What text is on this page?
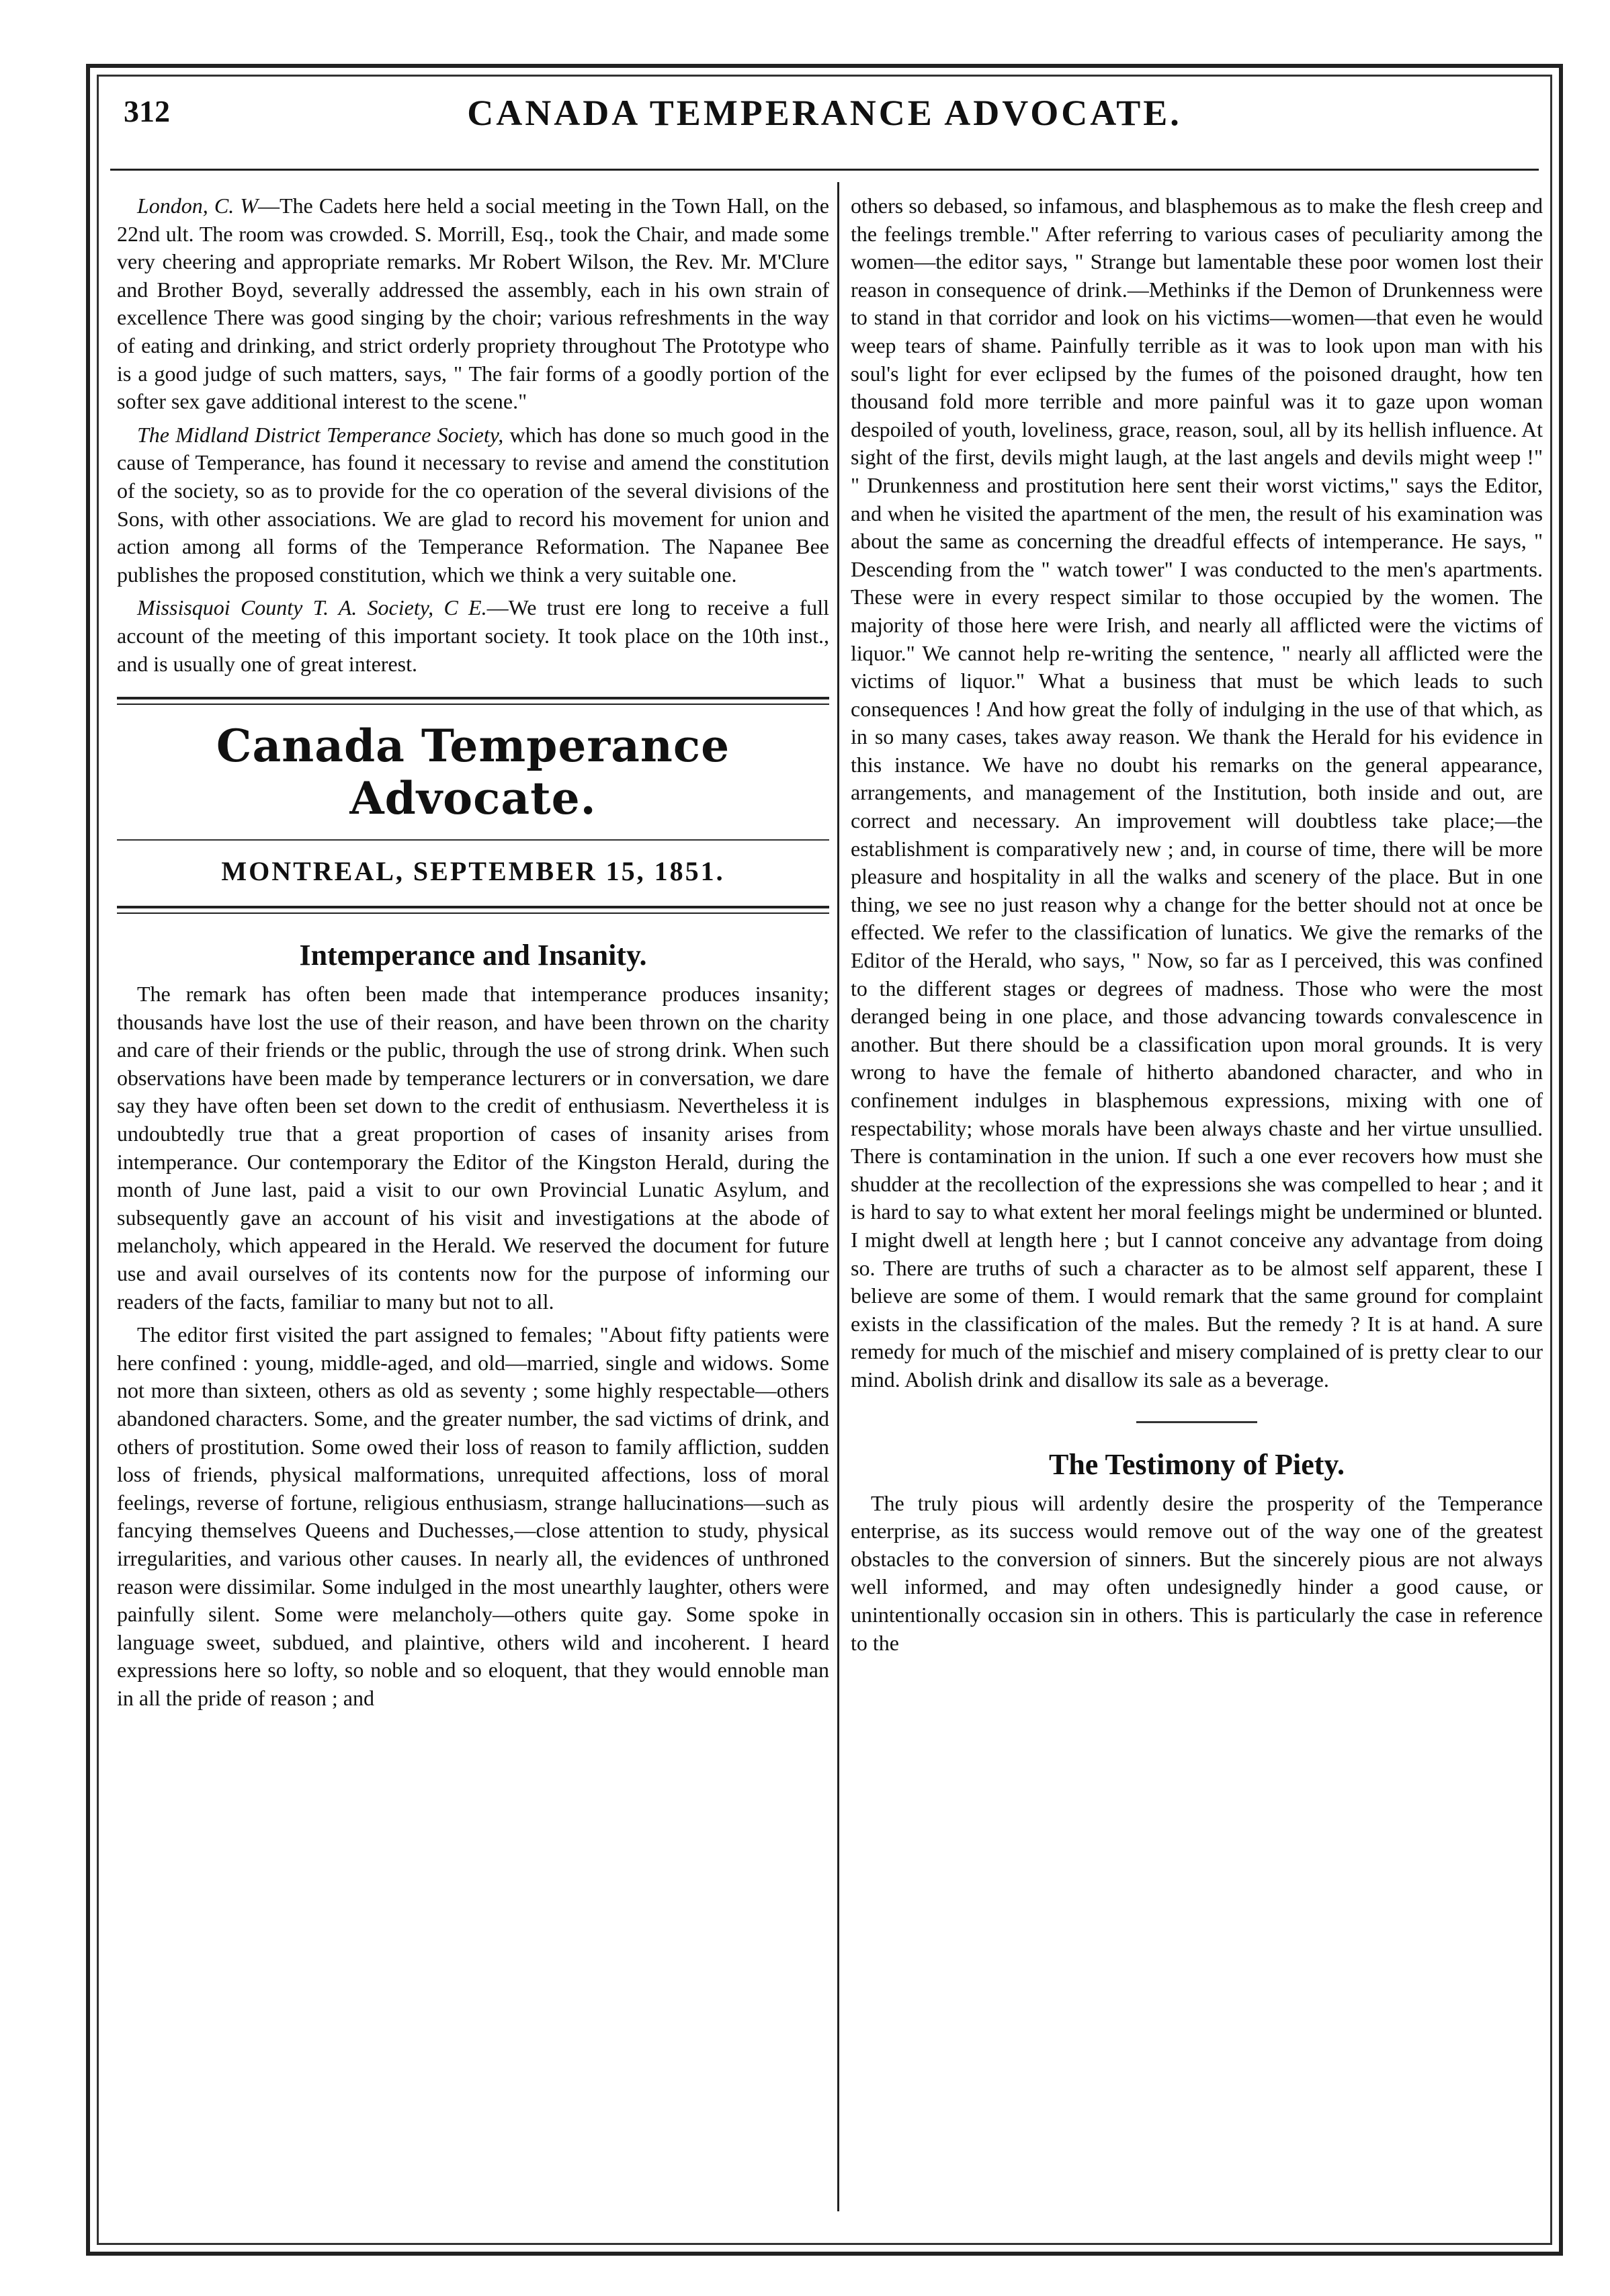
312	CANADA TEMPERANCE ADVOCATE.

London, C. W—The Cadets here held a social meeting in the Town Hall, on the 22nd ult. The room was crowded. S. Morrill, Esq., took the Chair, and made some very cheering and appropriate remarks. Mr Robert Wilson, the Rev. Mr. M'Clure and Brother Boyd, severally addressed the assembly, each in his own strain of excellence There was good singing by the choir; various refreshments in the way of eating and drinking, and strict orderly propriety throughout The Prototype who is a good judge of such matters, says, " The fair forms of a goodly portion of the softer sex gave additional interest to the scene."

The Midland District Temperance Society, which has done so much good in the cause of Temperance, has found it necessary to revise and amend the constitution of the society, so as to provide for the co operation of the several divisions of the Sons, with other associations. We are glad to record his movement for union and action among all forms of the Temperance Reformation. The Napanee Bee publishes the proposed constitution, which we think a very suitable one.

Missisquoi County T. A. Society, C E.—We trust ere long to receive a full account of the meeting of this important society. It took place on the 10th inst., and is usually one of great interest.

Canada Temperance Advocate.
MONTREAL, SEPTEMBER 15, 1851.
Intemperance and Insanity.

The remark has often been made that intemperance produces insanity; thousands have lost the use of their reason, and have been thrown on the charity and care of their friends or the public, through the use of strong drink. When such observations have been made by temperance lecturers or in conversation, we dare say they have often been set down to the credit of enthusiasm. Nevertheless it is undoubtedly true that a great proportion of cases of insanity arises from intemperance. Our contemporary the Editor of the Kingston Herald, during the month of June last, paid a visit to our own Provincial Lunatic Asylum, and subsequently gave an account of his visit and investigations at the abode of melancholy, which appeared in the Herald. We reserved the document for future use and avail ourselves of its contents now for the purpose of informing our readers of the facts, familiar to many but not to all.

The editor first visited the part assigned to females; "About fifty patients were here confined : young, middle-aged, and old—married, single and widows. Some not more than sixteen, others as old as seventy ; some highly respectable—others abandoned characters. Some, and the greater number, the sad victims of drink, and others of prostitution. Some owed their loss of reason to family affliction, sudden loss of friends, physical malformations, unrequited affections, loss of moral feelings, reverse of fortune, religious enthusiasm, strange hallucinations—such as fancying themselves Queens and Duchesses,—close attention to study, physical irregularities, and various other causes. In nearly all, the evidences of unthroned reason were dissimilar. Some indulged in the most unearthly laughter, others were painfully silent. Some were melancholy—others quite gay. Some spoke in language sweet, subdued, and plaintive, others wild and incoherent. I heard expressions here so lofty, so noble and so eloquent, that they would ennoble man in all the pride of reason ; and

others so debased, so infamous, and blasphemous as to make the flesh creep and the feelings tremble." After referring to various cases of peculiarity among the women—the editor says, " Strange but lamentable these poor women lost their reason in consequence of drink.—Methinks if the Demon of Drunkenness were to stand in that corridor and look on his victims—women—that even he would weep tears of shame. Painfully terrible as it was to look upon man with his soul's light for ever eclipsed by the fumes of the poisoned draught, how ten thousand fold more terrible and more painful was it to gaze upon woman despoiled of youth, loveliness, grace, reason, soul, all by its hellish influence. At sight of the first, devils might laugh, at the last angels and devils might weep !" " Drunkenness and prostitution here sent their worst victims," says the Editor, and when he visited the apartment of the men, the result of his examination was about the same as concerning the dreadful effects of intemperance. He says, " Descending from the " watch tower" I was conducted to the men's apartments. These were in every respect similar to those occupied by the women. The majority of those here were Irish, and nearly all afflicted were the victims of liquor." We cannot help re-writing the sentence, " nearly all afflicted were the victims of liquor." What a business that must be which leads to such consequences ! And how great the folly of indulging in the use of that which, as in so many cases, takes away reason. We thank the Herald for his evidence in this instance. We have no doubt his remarks on the general appearance, arrangements, and management of the Institution, both inside and out, are correct and necessary. An improvement will doubtless take place;—the establishment is comparatively new ; and, in course of time, there will be more pleasure and hospitality in all the walks and scenery of the place. But in one thing, we see no just reason why a change for the better should not at once be effected. We refer to the classification of lunatics. We give the remarks of the Editor of the Herald, who says, " Now, so far as I perceived, this was confined to the different stages or degrees of madness. Those who were the most deranged being in one place, and those advancing towards convalescence in another. But there should be a classification upon moral grounds. It is very wrong to have the female of hitherto abandoned character, and who in confinement indulges in blasphemous expressions, mixing with one of respectability; whose morals have been always chaste and her virtue unsullied. There is contamination in the union. If such a one ever recovers how must she shudder at the recollection of the expressions she was compelled to hear ; and it is hard to say to what extent her moral feelings might be undermined or blunted. I might dwell at length here ; but I cannot conceive any advantage from doing so. There are truths of such a character as to be almost self apparent, these I believe are some of them. I would remark that the same ground for complaint exists in the classification of the males. But the remedy ? It is at hand. A sure remedy for much of the mischief and misery complained of is pretty clear to our mind. Abolish drink and disallow its sale as a beverage.

The Testimony of Piety.

The truly pious will ardently desire the prosperity of the Temperance enterprise, as its success would remove out of the way one of the greatest obstacles to the conversion of sinners. But the sincerely pious are not always well informed, and may often undesignedly hinder a good cause, or unintentionally occasion sin in others. This is particularly the case in reference to the
